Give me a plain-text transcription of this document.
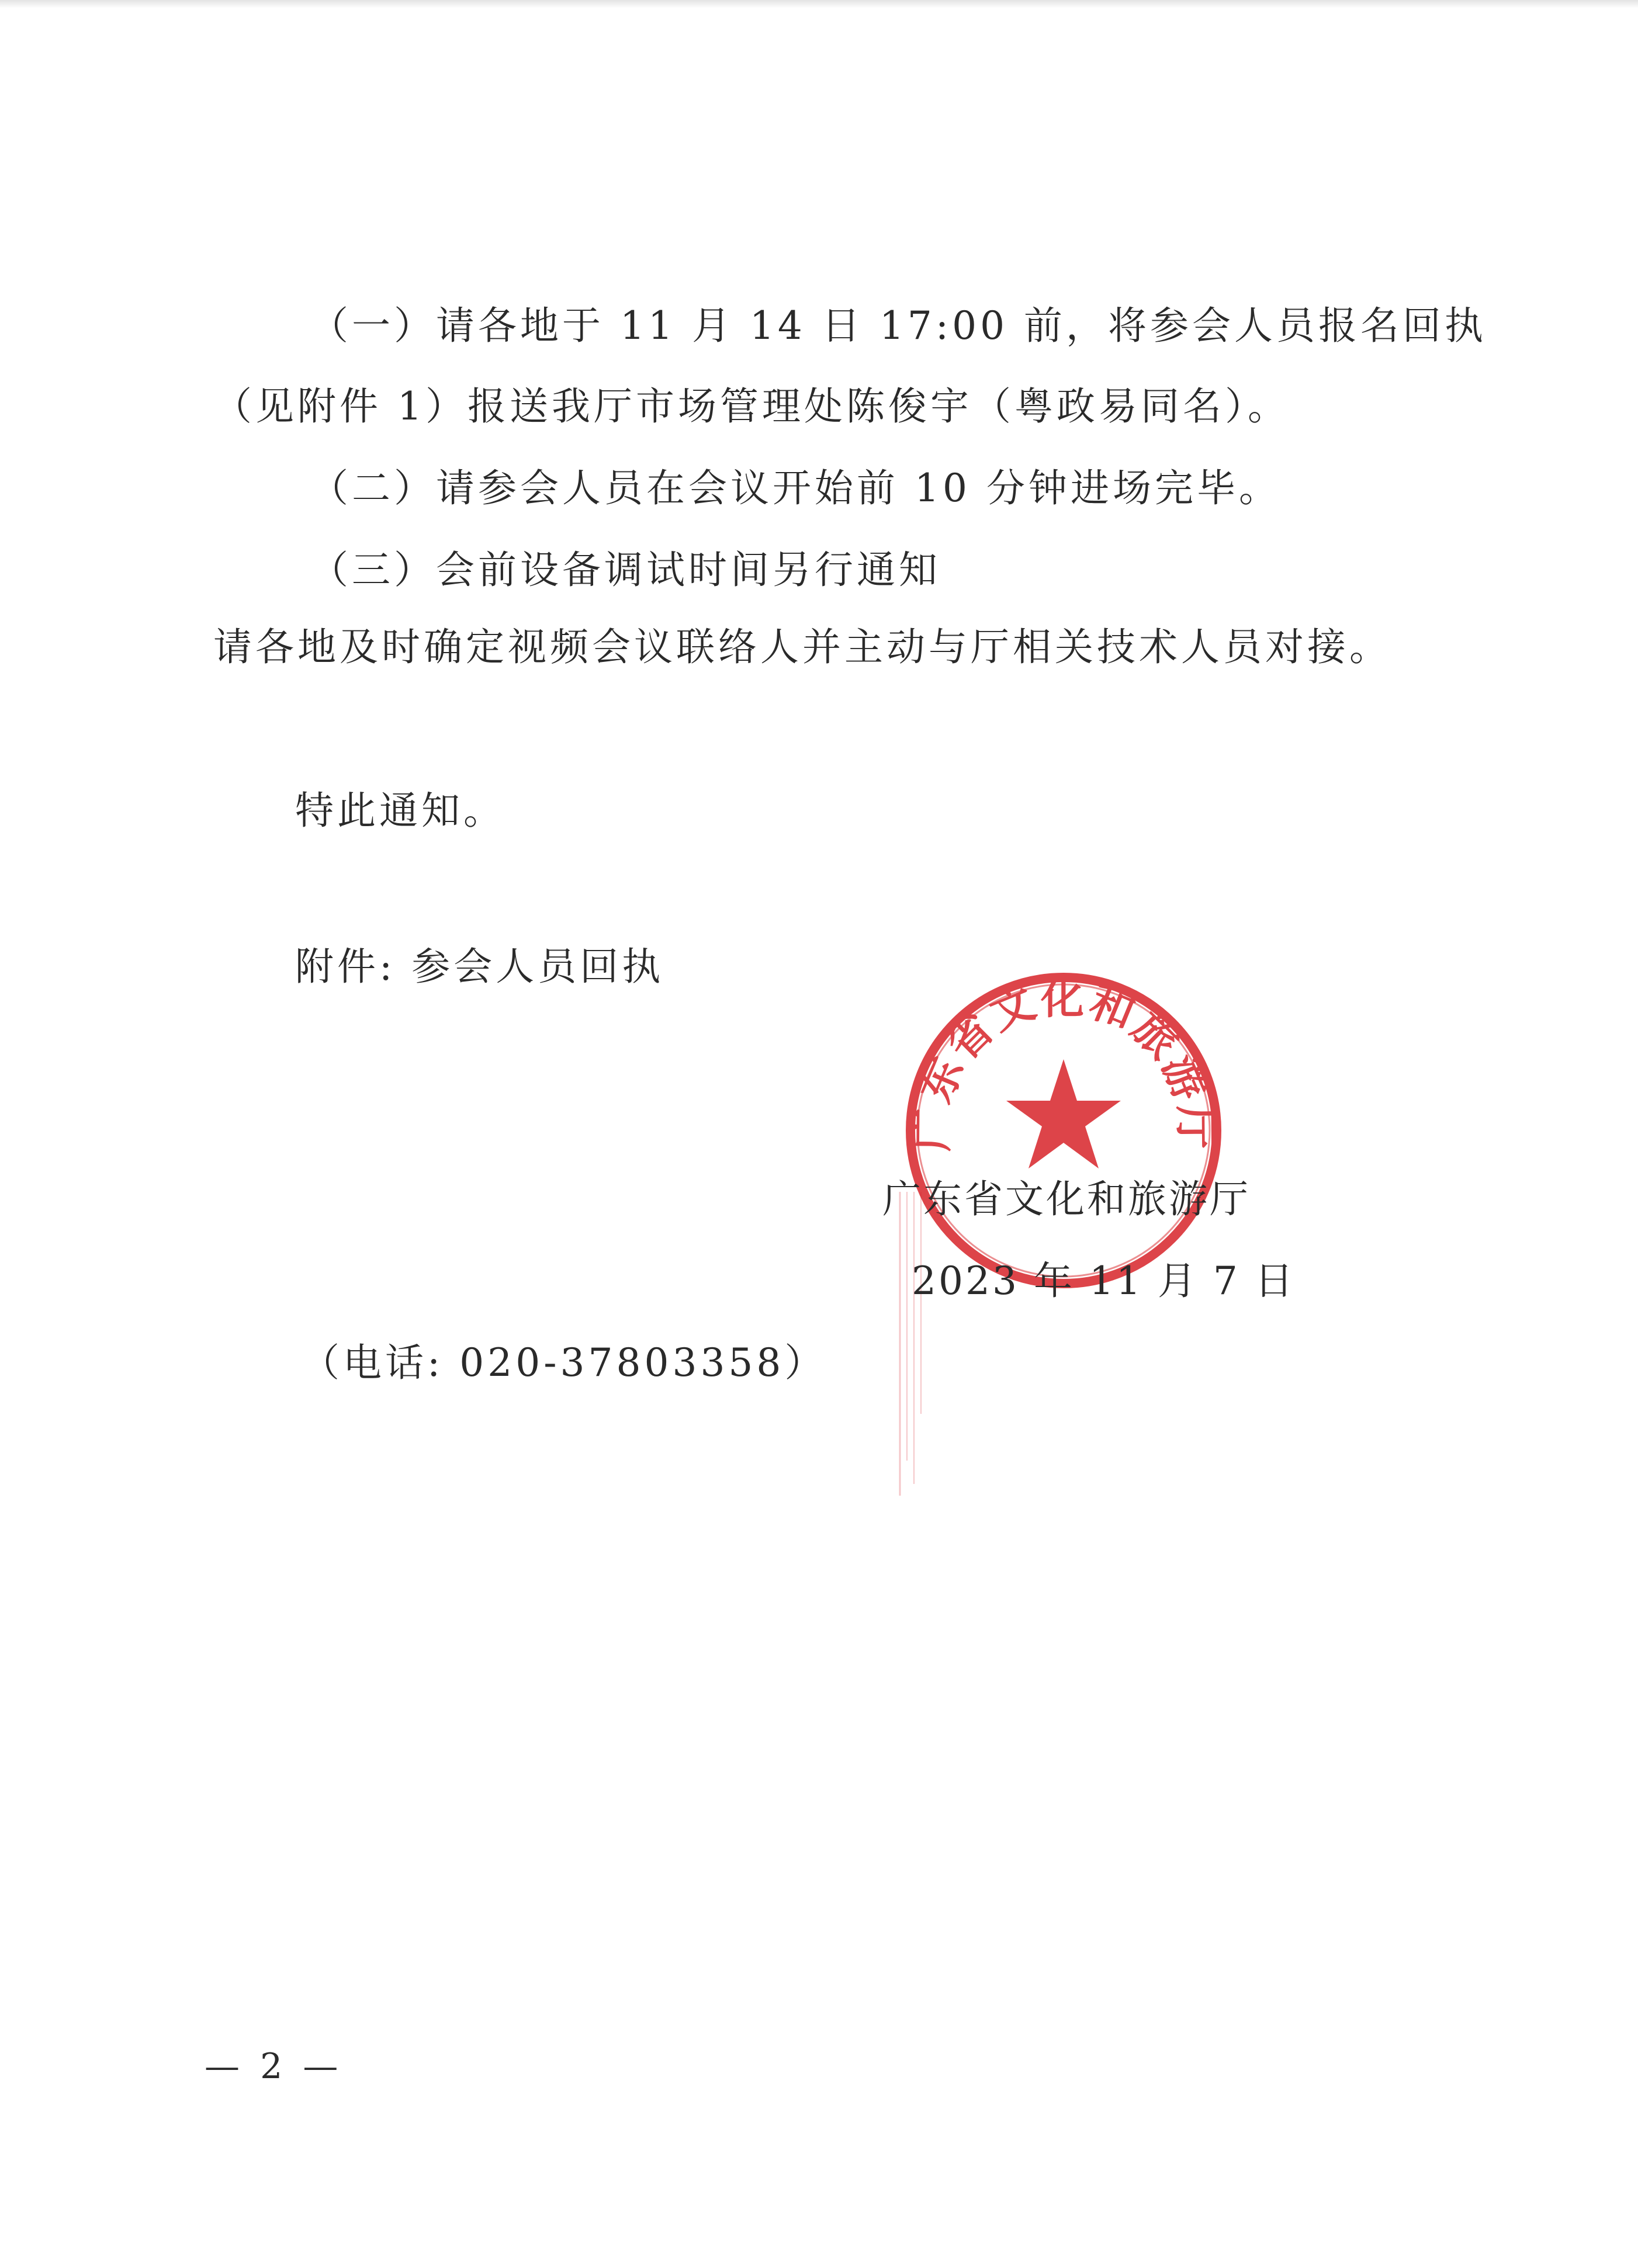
（一）请各地于 11 月 14 日 17:00 前，将参会人员报名回执
（见附件 1）报送我厅市场管理处陈俊宇（粤政易同名）。
（二）请参会人员在会议开始前 10 分钟进场完毕。
（三）会前设备调试时间另行通知
请各地及时确定视频会议联络人并主动与厅相关技术人员对接。
特此通知。
附件: 参会人员回执
广东省文化和旅游厅
广东省文化和旅游厅
2023 年 11 月 7 日
（电话: 020-37803358）
— 2 —
